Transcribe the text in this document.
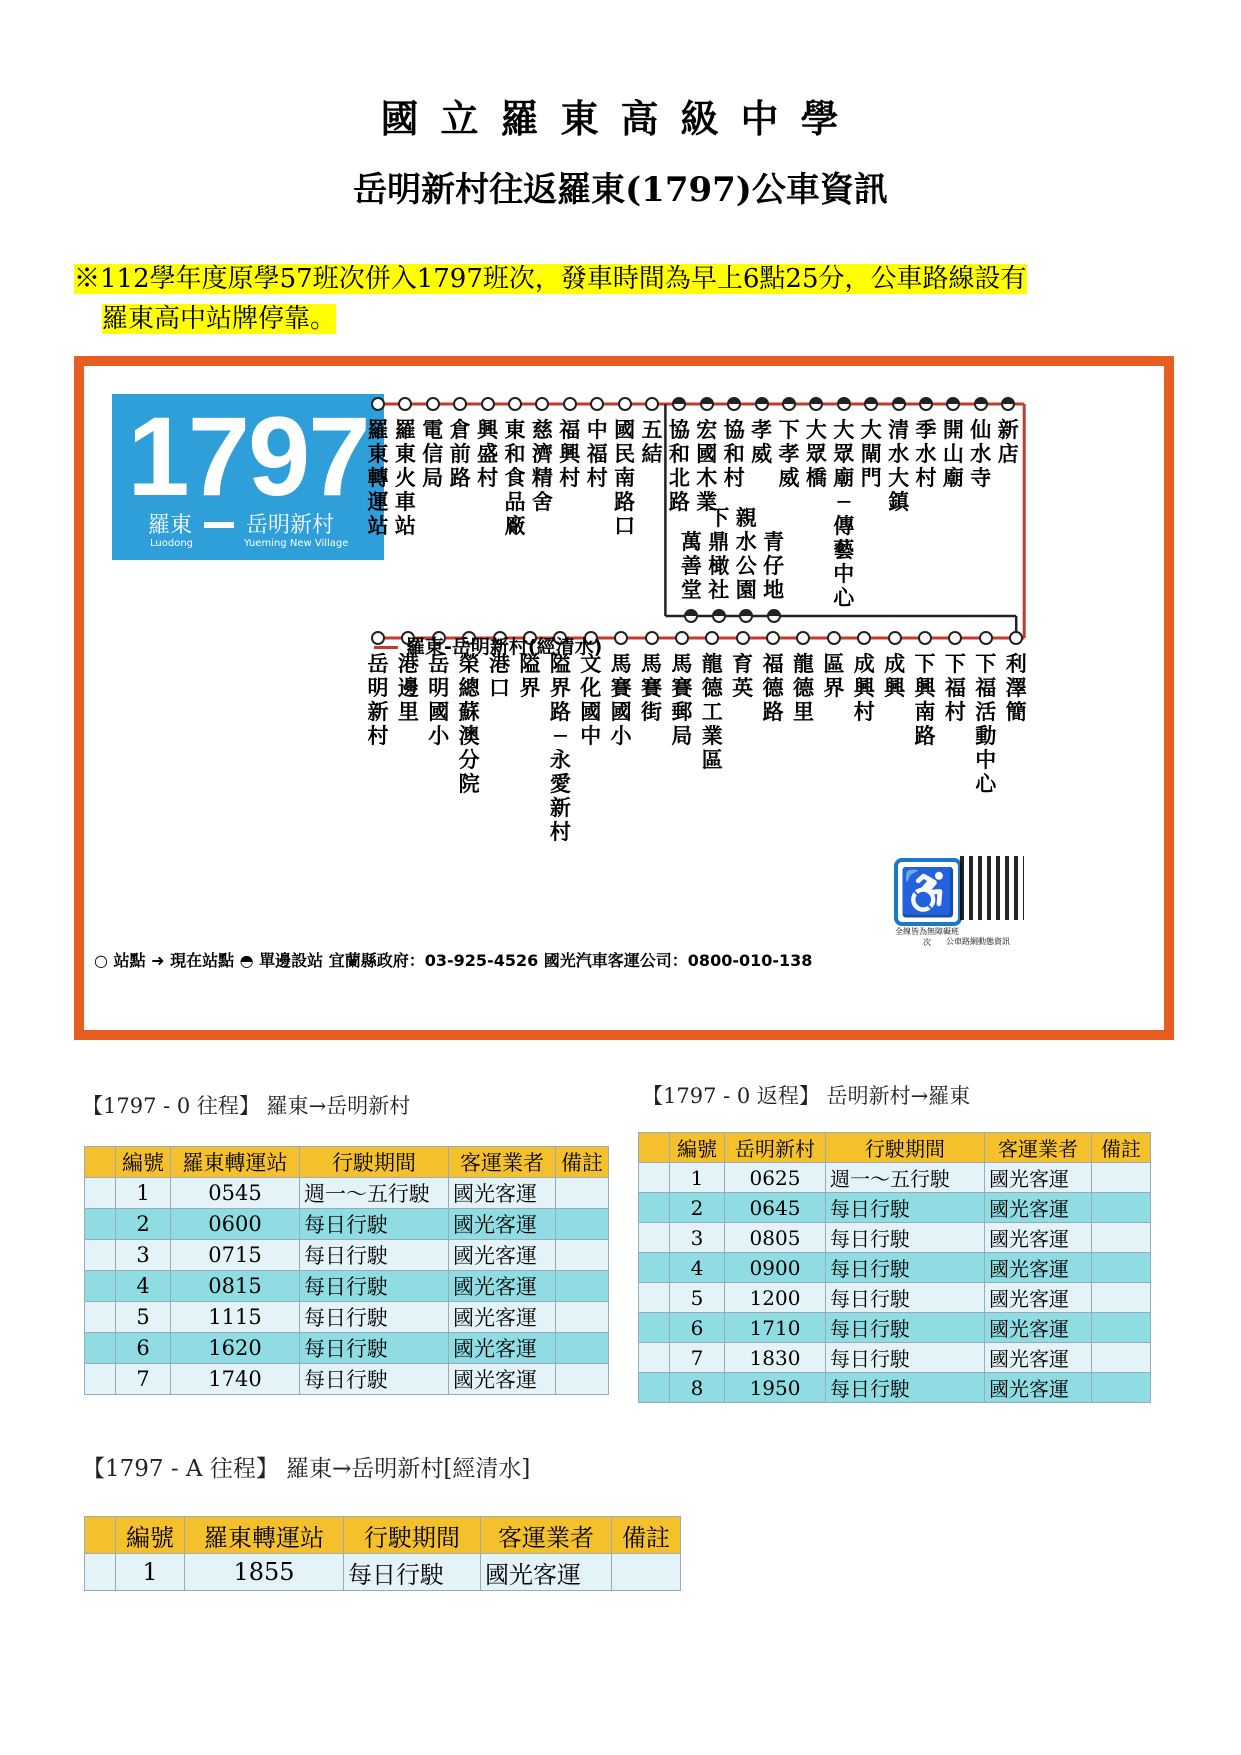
國立羅東高級中學
岳明新村往返羅東(1797)公車資訊
※112學年度原學57班次併入1797班次，發車時間為早上6點25分，公車路線設有
羅東高中站牌停靠。
1797
羅東 岳明新村
Luodong	Yueming New Village
羅東轉運站
羅東火車站
電信局
倉前路
興盛村
東和食品廠
慈濟精舍
福興村
中福村
國民南路口
五結
協和北路
宏國木業
協和村
孝威
下孝威
大眾橋
大眾廟─傳藝中心
大閘門
清水大鎮
季水村
開山廟
仙水寺
新店
萬善堂
下鼎橄社
親水公園
青仔地
岳明新村
港邊里
岳明國小
榮總蘇澳分院
港口
隘界
隘界路─永愛新村
文化國中
馬賽國小
馬賽街
馬賽郵局
龍德工業區
育英
福德路
龍德里
區界
成興村
成興
下興南路
下福村
下福活動中心
利澤簡
羅東-岳明新村(經清水)
♿
全線皆為無障礙班次	公車路網動態資訊
○ 站點 ➜ 現在站點 ◓ 單邊設站 宜蘭縣政府：03-925-4526 國光汽車客運公司：0800-010-138
【1797 - 0 往程】 羅東→岳明新村
	編號	羅東轉運站	行駛期間	客運業者	備註
	1	0545	週一～五行駛	國光客運	
	2	0600	每日行駛	國光客運	
	3	0715	每日行駛	國光客運	
	4	0815	每日行駛	國光客運	
	5	1115	每日行駛	國光客運	
	6	1620	每日行駛	國光客運	
	7	1740	每日行駛	國光客運	
【1797 - 0 返程】 岳明新村→羅東
	編號	岳明新村	行駛期間	客運業者	備註
	1	0625	週一～五行駛	國光客運	
	2	0645	每日行駛	國光客運	
	3	0805	每日行駛	國光客運	
	4	0900	每日行駛	國光客運	
	5	1200	每日行駛	國光客運	
	6	1710	每日行駛	國光客運	
	7	1830	每日行駛	國光客運	
	8	1950	每日行駛	國光客運	
【1797 - A 往程】 羅東→岳明新村[經清水]
	編號	羅東轉運站	行駛期間	客運業者	備註
	1	1855	每日行駛	國光客運	
